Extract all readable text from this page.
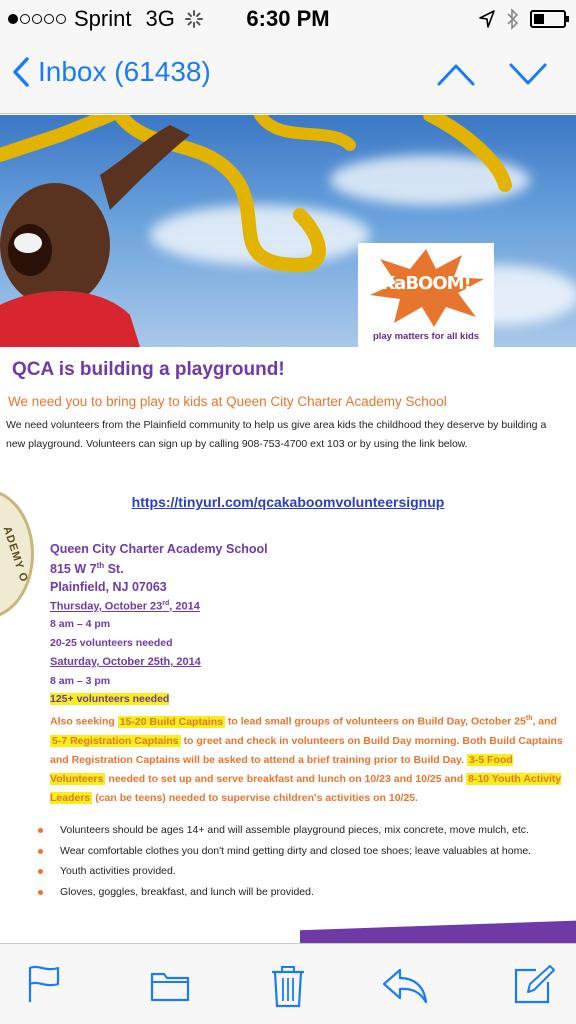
Sprint 3G	6:30 PM
Inbox (61438)
KaBOOM!
play matters for all kids
QCA is building a playground!
We need you to bring play to kids at Queen City Charter Academy School
We need volunteers from the Plainfield community to help us give area kids the childhood they deserve by building a new playground. Volunteers can sign up by calling 908-753-4700 ext 103 or by using the link below.
https://tinyurl.com/qcakaboomvolunteersignup
ADEMY O Queen City Charter Academy School
815 W 7th St.
Plainfield, NJ 07063
Thursday, October 23rd, 2014
8 am – 4 pm
20-25 volunteers needed
Saturday, October 25th, 2014
8 am – 3 pm
125+ volunteers needed
Also seeking 15-20 Build Captains to lead small groups of volunteers on Build Day, October 25th, and 5-7 Registration Captains to greet and check in volunteers on Build Day morning. Both Build Captains and Registration Captains will be asked to attend a brief training prior to Build Day. 3-5 Food Volunteers needed to set up and serve breakfast and lunch on 10/23 and 10/25 and 8-10 Youth Activity Leaders (can be teens) needed to supervise children's activities on 10/25.
Volunteers should be ages 14+ and will assemble playground pieces, mix concrete, move mulch, etc.
Wear comfortable clothes you don't mind getting dirty and closed toe shoes; leave valuables at home.
Youth activities provided.
Gloves, goggles, breakfast, and lunch will be provided.
